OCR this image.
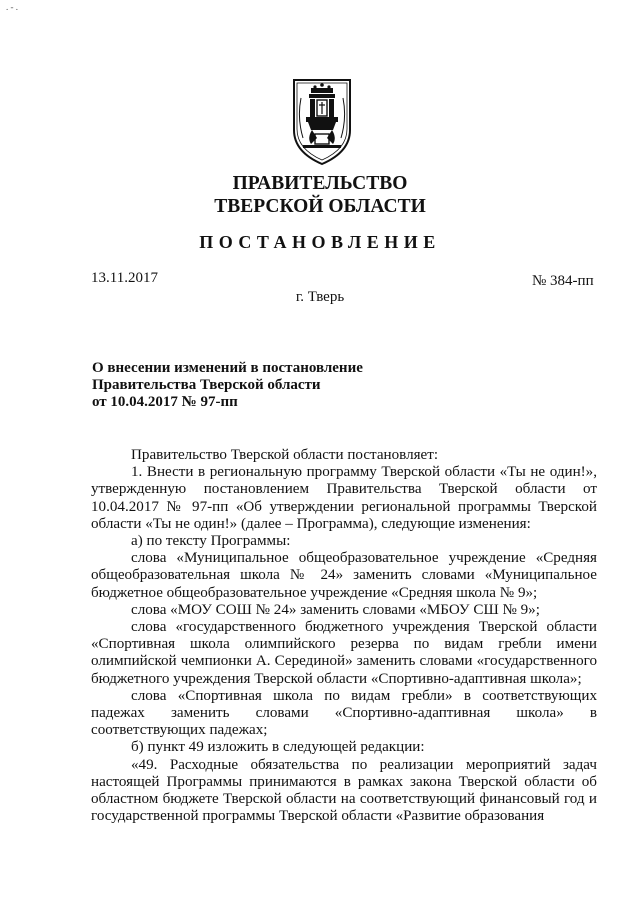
. - .
ПРАВИТЕЛЬСТВО
ТВЕРСКОЙ ОБЛАСТИ
ПОСТАНОВЛЕНИЕ
13.11.2017	№ 384-пп
г. Тверь
О внесении изменений в постановление
Правительства Тверской области
от 10.04.2017 № 97-пп

Правительство Тверской области постановляет:

1. Внести в региональную программу Тверской области «Ты не один!», утвержденную постановлением Правительства Тверской области от 10.04.2017 № 97-пп «Об утверждении региональной программы Тверской области «Ты не один!» (далее – Программа), следующие изменения:

а) по тексту Программы:

слова «Муниципальное общеобразовательное учреждение «Средняя общеобразовательная школа № 24» заменить словами «Муниципальное бюджетное общеобразовательное учреждение «Средняя школа № 9»;

слова «МОУ СОШ № 24» заменить словами «МБОУ СШ № 9»;

слова «государственного бюджетного учреждения Тверской области «Спортивная школа олимпийского резерва по видам гребли имени олимпийской чемпионки А. Серединой» заменить словами «государственного бюджетного учреждения Тверской области «Спортивно-адаптивная школа»;

слова «Спортивная школа по видам гребли» в соответствующих падежах заменить словами «Спортивно-адаптивная школа» в соответствующих падежах;

б) пункт 49 изложить в следующей редакции:

«49. Расходные обязательства по реализации мероприятий задач настоящей Программы принимаются в рамках закона Тверской области об областном бюджете Тверской области на соответствующий финансовый год и государственной программы Тверской области «Развитие образования
